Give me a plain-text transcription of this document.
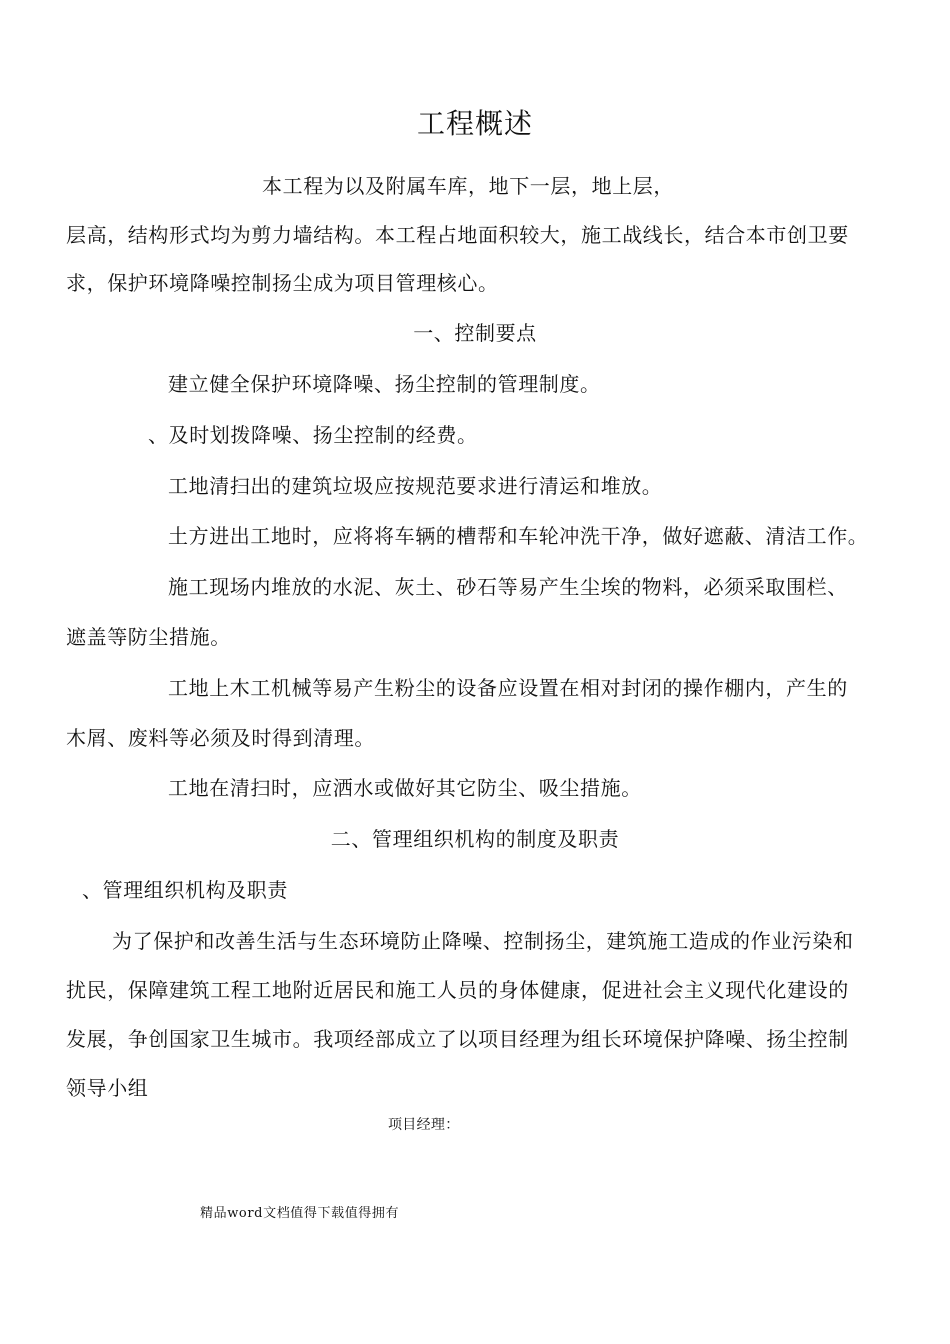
工程概述
本工程为以及附属车库，地下一层，地上层，
层高，结构形式均为剪力墙结构。本工程占地面积较大，施工战线长，结合本市创卫要
求，保护环境降噪控制扬尘成为项目管理核心。
一、控制要点
建立健全保护环境降噪、扬尘控制的管理制度。
、及时划拨降噪、扬尘控制的经费。
工地清扫出的建筑垃圾应按规范要求进行清运和堆放。
土方进出工地时，应将将车辆的槽帮和车轮冲洗干净，做好遮蔽、清洁工作。
施工现场内堆放的水泥、灰土、砂石等易产生尘埃的物料，必须采取围栏、
遮盖等防尘措施。
工地上木工机械等易产生粉尘的设备应设置在相对封闭的操作棚内，产生的
木屑、废料等必须及时得到清理。
工地在清扫时，应洒水或做好其它防尘、吸尘措施。
二、管理组织机构的制度及职责
、管理组织机构及职责
为了保护和改善生活与生态环境防止降噪、控制扬尘，建筑施工造成的作业污染和
扰民，保障建筑工程工地附近居民和施工人员的身体健康，促进社会主义现代化建设的
发展，争创国家卫生城市。我项经部成立了以项目经理为组长环境保护降噪、扬尘控制
领导小组
项目经理：
精品word文档值得下载值得拥有
